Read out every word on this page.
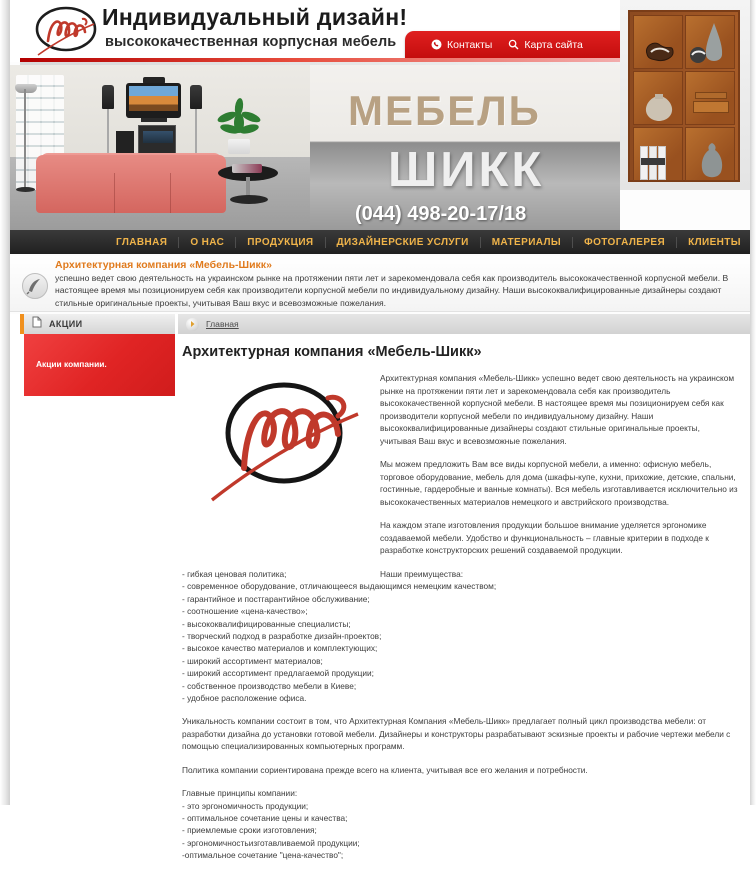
Индивидуальный дизайн!
высококачественная корпусная мебель	Контакты	Карта сайта
МЕБЕЛЬ
ШИКК
(044) 498-20-17/18
ГЛАВНАЯ	О НАС	ПРОДУКЦИЯ	ДИЗАЙНЕРСКИЕ УСЛУГИ	МАТЕРИАЛЫ	ФОТОГАЛЕРЕЯ	КЛИЕНТЫ
Архитектурная компания «Мебель-Шикк»
успешно ведет свою деятельность на украинском рынке на протяжении пяти лет и зарекомендовала себя как производитель высококачественной корпусной мебели. В настоящее время мы позиционируем себя как производители корпусной мебели по индивидуальному дизайну. Наши высококвалифицированные дизайнеры создают стильные оригинальные проекты, учитывая Ваш вкус и всевозможные пожелания.
АКЦИИ
Акции компании.
Главная
Архитектурная компания «Мебель-Шикк»

Архитектурная компания «Мебель-Шикк» успешно ведет свою деятельность на украинском рынке на протяжении пяти лет и зарекомендовала себя как производитель высококачественной корпусной мебели. В настоящее время мы позиционируем себя как производители корпусной мебели по индивидуальному дизайну. Наши высококвалифицированные дизайнеры создают стильные оригинальные проекты, учитывая Ваш вкус и всевозможные пожелания.

Мы можем предложить Вам все виды корпусной мебели, а именно: офисную мебель, торговое оборудование, мебель для дома (шкафы-купе, кухни, прихожие, детские, спальни, гостинные, гардеробные и ванные комнаты). Вся мебель изготавливается исключительно из высококачественных материалов немецкого и австрийского производства.

На каждом этапе изготовления продукции большое внимание уделяется эргономике создаваемой мебели. Удобство и функциональность – главные критерии в подходе к разработке конструкторских решений создаваемой продукции.

Наши преимущества:

- гибкая ценовая политика;
- современное оборудование, отличающееся выдающимся немецким качеством;
- гарантийное и постгарантийное обслуживание;
- соотношение «цена-качество»;
- высококвалифицированные специалисты;
- творческий подход в разработке дизайн-проектов;
- высокое качество материалов и комплектующих;
- широкий ассортимент материалов;
- широкий ассортимент предлагаемой продукции;
- собственное производство мебели в Киеве;
- удобное расположение офиса.

Уникальность компании состоит в том, что Архитектурная Компания «Мебель-Шикк» предлагает полный цикл производства мебели: от разработки дизайна до установки готовой мебели. Дизайнеры и конструкторы разрабатывают эскизные проекты и рабочие чертежи мебели с помощью специализированных компьютерных программ.

Политика компании сориентирована прежде всего на клиента, учитывая все его желания и потребности.

Главные принципы компании:

- это эргономичность продукции;
- оптимальное сочетание цены и качества;
- приемлемые сроки изготовления;
- эргономичностьизготавливаемой продукции;
-оптимальное сочетание "цена-качество";
